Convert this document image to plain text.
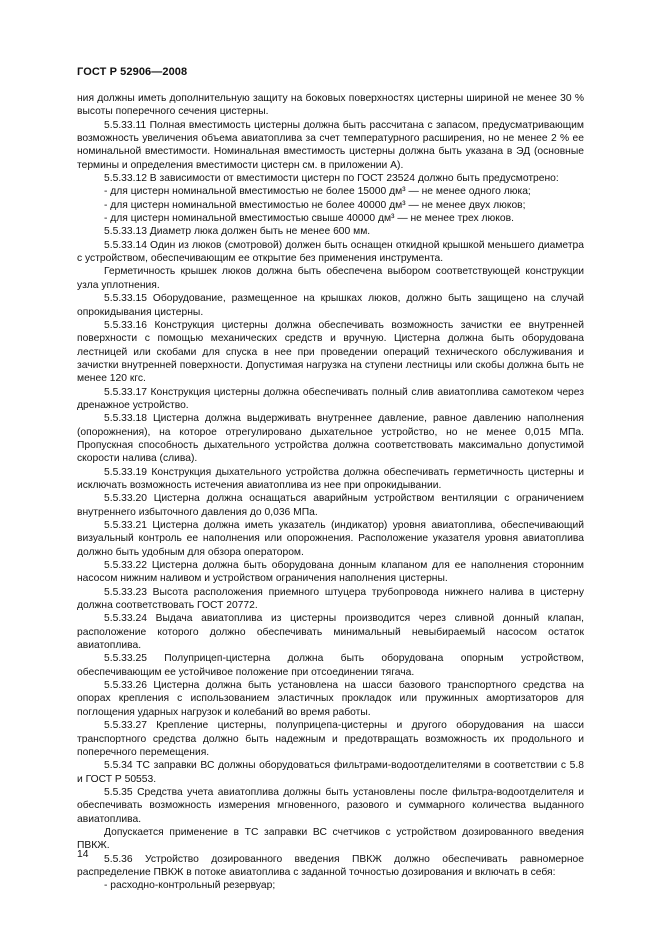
ГОСТ Р 52906—2008

ния должны иметь дополнительную защиту на боковых поверхностях цистерны шириной не менее 30 % высоты поперечного сечения цистерны.

5.5.33.11 Полная вместимость цистерны должна быть рассчитана с запасом, предусматривающим возможность увеличения объема авиатоплива за счет температурного расширения, но не менее 2 % ее номинальной вместимости. Номинальная вместимость цистерны должна быть указана в ЭД (основные термины и определения вместимости цистерн см. в приложении А).

5.5.33.12 В зависимости от вместимости цистерн по ГОСТ 23524 должно быть предусмотрено:

- для цистерн номинальной вместимостью не более 15000 дм³ — не менее одного люка;

- для цистерн номинальной вместимостью не более 40000 дм³ — не менее двух люков;

- для цистерн номинальной вместимостью свыше 40000 дм³ — не менее трех люков.

5.5.33.13 Диаметр люка должен быть не менее 600 мм.

5.5.33.14 Один из люков (смотровой) должен быть оснащен откидной крышкой меньшего диаметра с устройством, обеспечивающим ее открытие без применения инструмента.

Герметичность крышек люков должна быть обеспечена выбором соответствующей конструкции узла уплотнения.

5.5.33.15 Оборудование, размещенное на крышках люков, должно быть защищено на случай опрокидывания цистерны.

5.5.33.16 Конструкция цистерны должна обеспечивать возможность зачистки ее внутренней поверхности с помощью механических средств и вручную. Цистерна должна быть оборудована лестницей или скобами для спуска в нее при проведении операций технического обслуживания и зачистки внутренней поверхности. Допустимая нагрузка на ступени лестницы или скобы должна быть не менее 120 кгс.

5.5.33.17 Конструкция цистерны должна обеспечивать полный слив авиатоплива самотеком через дренажное устройство.

5.5.33.18 Цистерна должна выдерживать внутреннее давление, равное давлению наполнения (опорожнения), на которое отрегулировано дыхательное устройство, но не менее 0,015 МПа. Пропускная способность дыхательного устройства должна соответствовать максимально допустимой скорости налива (слива).

5.5.33.19 Конструкция дыхательного устройства должна обеспечивать герметичность цистерны и исключать возможность истечения авиатоплива из нее при опрокидывании.

5.5.33.20 Цистерна должна оснащаться аварийным устройством вентиляции с ограничением внутреннего избыточного давления до 0,036 МПа.

5.5.33.21 Цистерна должна иметь указатель (индикатор) уровня авиатоплива, обеспечивающий визуальный контроль ее наполнения или опорожнения. Расположение указателя уровня авиатоплива должно быть удобным для обзора оператором.

5.5.33.22 Цистерна должна быть оборудована донным клапаном для ее наполнения сторонним насосом нижним наливом и устройством ограничения наполнения цистерны.

5.5.33.23 Высота расположения приемного штуцера трубопровода нижнего налива в цистерну должна соответствовать ГОСТ 20772.

5.5.33.24 Выдача авиатоплива из цистерны производится через сливной донный клапан, расположение которого должно обеспечивать минимальный невыбираемый насосом остаток авиатоплива.

5.5.33.25 Полуприцеп-цистерна должна быть оборудована опорным устройством, обеспечивающим ее устойчивое положение при отсоединении тягача.

5.5.33.26 Цистерна должна быть установлена на шасси базового транспортного средства на опорах крепления с использованием эластичных прокладок или пружинных амортизаторов для поглощения ударных нагрузок и колебаний во время работы.

5.5.33.27 Крепление цистерны, полуприцепа-цистерны и другого оборудования на шасси транспортного средства должно быть надежным и предотвращать возможность их продольного и поперечного перемещения.

5.5.34 ТС заправки ВС должны оборудоваться фильтрами-водоотделителями в соответствии с 5.8 и ГОСТ Р 50553.

5.5.35 Средства учета авиатоплива должны быть установлены после фильтра-водоотделителя и обеспечивать возможность измерения мгновенного, разового и суммарного количества выданного авиатоплива.

Допускается применение в ТС заправки ВС счетчиков с устройством дозированного введения ПВКЖ.

5.5.36 Устройство дозированного введения ПВКЖ должно обеспечивать равномерное распределение ПВКЖ в потоке авиатоплива с заданной точностью дозирования и включать в себя:

- расходно-контрольный резервуар;

14
